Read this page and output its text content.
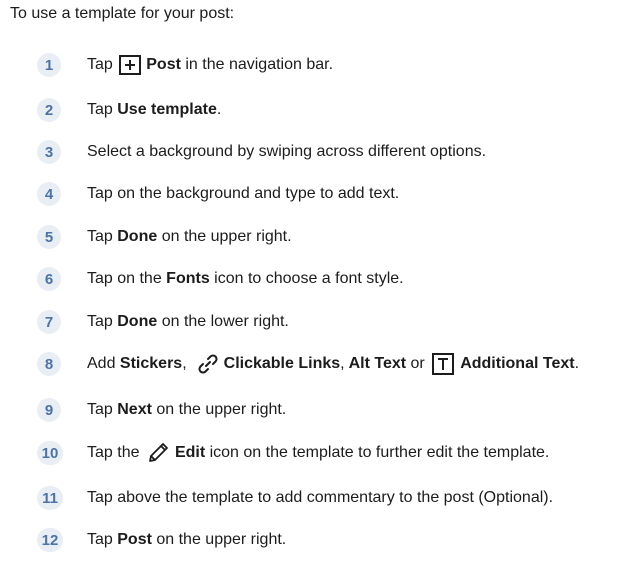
To use a template for your post:
1	Tap Post in the navigation bar.
2	Tap Use template .
3	Select a background by swiping across different options.
4	Tap on the background and type to add text.
5	Tap Done on the upper right.
6	Tap on the Fonts icon to choose a font style.
7	Tap Done on the lower right.
8	Add Stickers , Clickable Links , Alt Text or Additional Text .
9	Tap Next on the upper right.
10 Tap the Edit icon on the template to further edit the template.
11	Tap above the template to add commentary to the post (Optional).
12 Tap Post on the upper right.
